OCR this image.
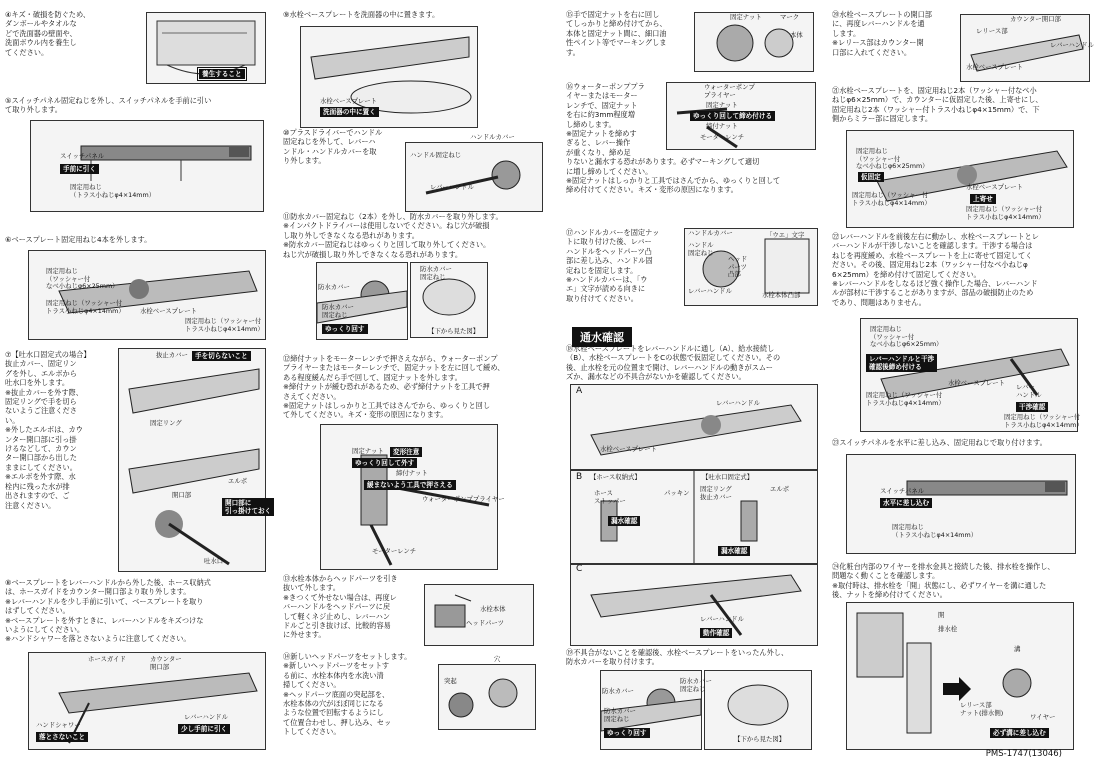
④キズ・破損を防ぐため、
ダンボールやタオルな
どで洗面器の壁面や、
洗面ボウル内を養生し
てください。
養生すること
⑤スイッチパネル固定ねじを外し、スイッチパネルを手前に引い
て取り外します。
スイッチパネル
手前に引く
固定用ねじ
（トラス小ねじφ4×14mm）
⑥ベースプレート固定用ねじ4本を外します。
固定用ねじ
（ワッシャー付
なべ小ねじφ6×25mm）
固定用ねじ（ワッシャー付
トラス小ねじφ4×14mm） 水栓ベースプレート
固定用ねじ（ワッシャー付
トラス小ねじφ4×14mm）
⑦【吐水口固定式の場合】
抜止カバー、固定リン
グを外し、エルボから
吐水口を外します。
※抜止カバーを外す際、
固定リングで手を切ら
ないようご注意くださ
い。
※外したエルボは、カウ
ンター開口部に引っ掛
けるなどして、カウン
ター開口部から出した
ままにしてください。
※エルボを外す際、水
栓内に残った水が排
出されますので、ご
注意ください。
抜止カバー	手を切らないこと
固定リング
開口部
エルボ
開口部に
引っ掛けておく
吐水口
⑧ベースプレートをレバーハンドルから外した後、ホース収納式
は、ホースガイドをカウンター開口部より取り外します。
※レバーハンドルを少し手前に引いて、ベースプレートを取り
はずしてください。
※ベースプレートを外すときに、レバーハンドルをキズつけな
いようにしてください。
※ハンドシャワーを落とさないように注意してください。
ホースガイド	カウンター
開口部
ハンドシャワー
落とさないこと
レバーハンドル
少し手前に引く
⑨水栓ベースプレートを洗面器の中に置きます。
水栓ベースプレート
洗面器の中に置く
⑩プラスドライバーでハンドル
固定ねじを外して、レバーハ
ンドル・ハンドルカバーを取
り外します。
ハンドルカバー
ハンドル固定ねじ
レバーハンドル
⑪防水カバー固定ねじ（2本）を外し、防水カバーを取り外します。
※インパクトドライバーは使用しないでください。ねじ穴が破損
し取り外しできなくなる恐れがあります。
※防水カバー固定ねじはゆっくりと回して取り外してください。
ねじ穴が破損し取り外しできなくなる恐れがあります。
防水カバー
防水カバー
固定ねじ
ゆっくり回す
防水カバー
固定ねじ
【下から見た図】
⑫締付ナットをモーターレンチで押さえながら、ウォーターポンプ
プライヤーまたはモーターレンチで、固定ナットを左に回して緩め、
ある程度緩んだら手で回して、固定ナットを外します。
※締付ナットが緩む恐れがあるため、必ず締付ナットを工具で押
さえてください。
※固定ナットはしっかりと工具ではさんでから、ゆっくりと回し
て外してください。キズ・変形の原因になります。
固定ナット	変形注意
ゆっくり回して外す
締付ナット
緩まないよう工具で押さえる
ウォーターポンププライヤー
モーターレンチ
⑬水栓本体からヘッドパーツを引き
抜いて外します。
※きつくて外せない場合は、再度レ
バーハンドルをヘッドパーツに戻
して軽くネジ止めし、レバーハン
ドルごと引き抜けば、比較的容易
に外せます。
水栓本体
ヘッドパーツ
⑭新しいヘッドパーツをセットします。
※新しいヘッドパーツをセットす
る前に、水栓本体内を水洗い清
掃してください。
※ヘッドパーツ底面の突起部を、
水栓本体の穴がほぼ同じになる
ような位置で回転するようにし
て位置合わせし、押し込み、セッ
トしてください。
穴
突起
⑮手で固定ナットを右に回し
てしっかりと締め付けてから、
本体と固定ナット間に、細口油
性ペイント等でマーキングしま
す。
固定ナット	マーク
本体
⑯ウォーターポンププラ
イヤーまたはモーター
レンチで、固定ナット
を右に約3mm程度増
し締めします。
※固定ナットを締めす
ぎると、レバー操作
が重くなり、締め足
りないと漏水する恐れがあります。必ずマーキングして適切
に増し締めしてください。
※固定ナットはしっかりと工具ではさんでから、ゆっくりと回して
締め付けてください。キズ・変形の原因になります。
ウォーターポンプ
プライヤー
固定ナット
ゆっくり回して締め付ける
締付ナット
モーターレンチ
⑰ハンドルカバーを固定ナッ
トに取り付けた後、レバー
ハンドルをヘッドパーツ凸
部に差し込み、ハンドル固
定ねじを固定します。
※ハンドルカバーは、「ウ
エ」文字が読める向きに
取り付けてください。
ハンドルカバー
ハンドル
固定ねじ
ヘッド
パーツ
凸部
レバーハンドル
「ウエ」文字
水栓本体凸部
通水確認
⑱水栓ベースプレートをレバーハンドルに通し（A）、給水接続し
（B）、水栓ベースプレートをCの状態で仮固定してください。その
後、止水栓を元の位置まで開け、レバーハンドルの動きがスムー
ズか、漏水などの不具合がないかを確認してください。
A
レバーハンドル
水栓ベースプレート
B 【ホース収納式】
ホース
ストッパー
パッキン
漏水確認
【吐水口固定式】
固定リング
抜止カバー
エルボ
漏水確認
C
レバーハンドル
動作確認
⑲不具合がないことを確認後、水栓ベースプレートをいったん外し、
防水カバーを取り付けます。
防水カバー
防水カバー
固定ねじ
ゆっくり回す
防水カバー
固定ねじ
【下から見た図】
⑳水栓ベースプレートの開口部
に、再度レバーハンドルを通
します。
※レリース部はカウンター開
口部に入れてください。
カウンター開口部
レリース部
レバーハンドル
水栓ベースプレート
㉑水栓ベースプレートを、固定用ねじ2本（ワッシャー付なべ小
ねじφ6×25mm）で、カウンターに仮固定した後、上寄せにし、
固定用ねじ2本（ワッシャー付トラス小ねじφ4×15mm）で、下
側からミラー部に固定します。
固定用ねじ
（ワッシャー付
なべ小ねじφ6×25mm）
仮固定
固定用ねじ（ワッシャー付
トラス小ねじφ4×14mm）
水栓ベースプレート
上寄せ
固定用ねじ（ワッシャー付
トラス小ねじφ4×14mm）
㉒レバーハンドルを前後左右に動かし、水栓ベースプレートとレ
バーハンドルが干渉しないことを確認します。干渉する場合は
ねじを再度緩め、水栓ベースプレートを上に寄せて固定してく
ださい。その後、固定用ねじ2本（ワッシャー付なべ小ねじφ
6×25mm）を締め付けて固定してください。
※レバーハンドルをしなるほど強く操作した場合、レバーハンド
ルが部材に干渉することがありますが、部品の破損防止のため
であり、問題はありません。
固定用ねじ
（ワッシャー付
なべ小ねじφ6×25mm）
レバーハンドルと干渉
確認後締め付ける
水栓ベースプレート
固定用ねじ（ワッシャー付
トラス小ねじφ4×14mm）
レバー
ハンドル
干渉確認
固定用ねじ（ワッシャー付
トラス小ねじφ4×14mm）
㉓スイッチパネルを水平に差し込み、固定用ねじで取り付けます。
スイッチパネル
水平に差し込む
固定用ねじ
（トラス小ねじφ4×14mm）
㉔化粧台内部のワイヤーを排水金具と接続した後、排水栓を操作し、
問題なく動くことを確認します。
※取付時は、排水栓を「開」状態にし、必ずワイヤーを溝に通した
後、ナットを締め付けてください。
開
排水栓
溝
レリース部
ナット(排水側)
ワイヤー
必ず溝に差し込む
PMS-1747(13046)
